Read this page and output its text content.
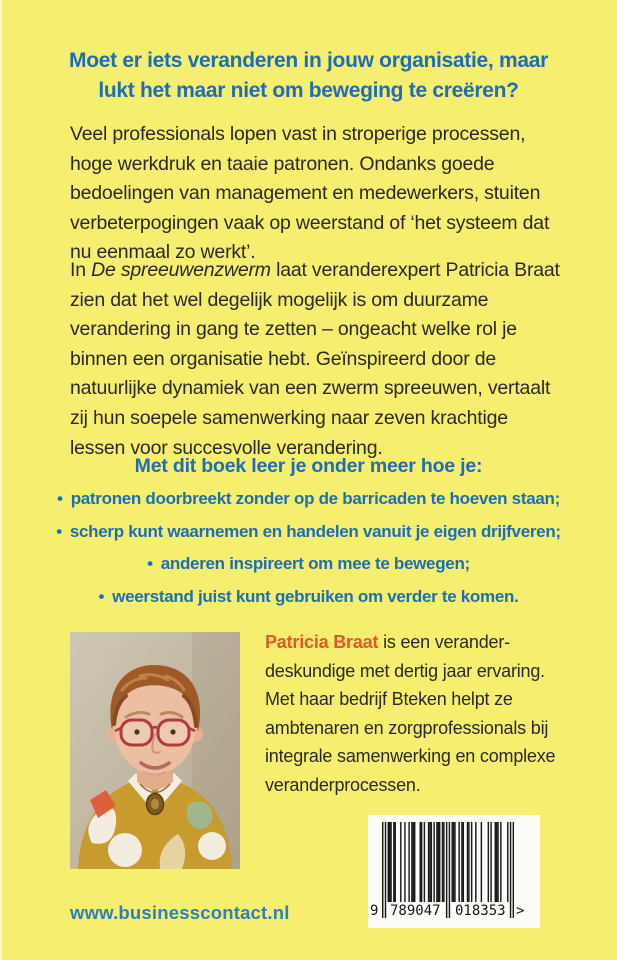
Moet er iets veranderen in jouw organisatie, maar
lukt het maar niet om beweging te creëren?

Veel professionals lopen vast in stroperige processen, hoge werkdruk en taaie patronen. Ondanks goede bedoelingen van management en medewerkers, stuiten verbeterpogingen vaak op weerstand of ‘het systeem dat nu eenmaal zo werkt’.

In De spreeuwenzwerm laat veranderexpert Patricia Braat zien dat het wel degelijk mogelijk is om duurzame verandering in gang te zetten – ongeacht welke rol je binnen een organisatie hebt. Geïnspireerd door de natuurlijke dynamiek van een zwerm spreeuwen, vertaalt zij hun soepele samenwerking naar zeven krachtige lessen voor succesvolle verandering.

Met dit boek leer je onder meer hoe je:
• patronen doorbreekt zonder op de barricaden te hoeven staan;
• scherp kunt waarnemen en handelen vanuit je eigen drijfveren;
• anderen inspireert om mee te bewegen;
• weerstand juist kunt gebruiken om verder te komen.
Patricia Braat is een verander-
deskundige met dertig jaar ervaring.
Met haar bedrijf Bteken helpt ze
ambtenaren en zorgprofessionals bij
integrale samenwerking en complexe
veranderprocessen.
www.businesscontact.nl	9 789047 018353 >
